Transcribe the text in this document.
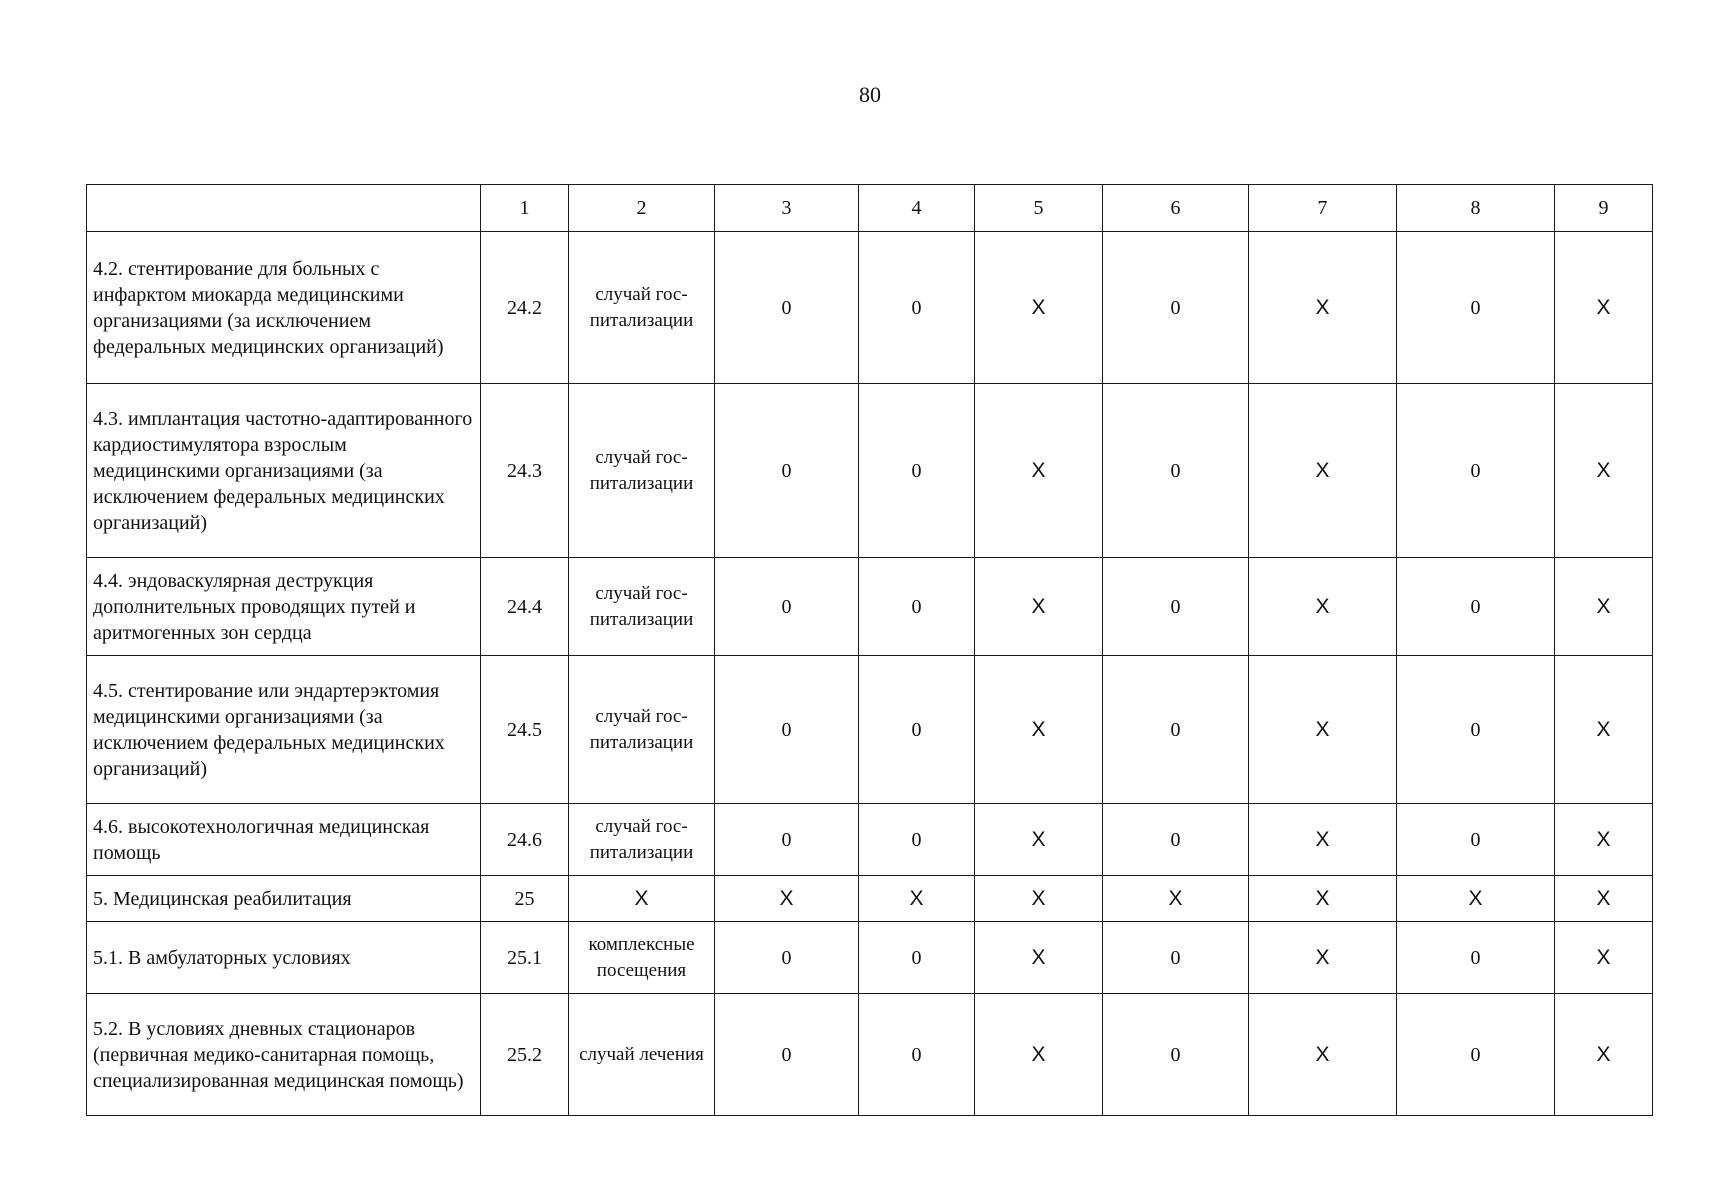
80
	1	2	3	4	5	6	7	8	9
4.2. стентирование для больных с инфарктом миокарда медицинскими организациями (за исключением федеральных медицинских организаций)	24.2	случай гос-питализации	0	0	X	0	X	0	X
4.3. имплантация частотно-адаптированного кардиостимулятора взрослым медицинскими организациями (за исключением федеральных медицинских организаций)	24.3	случай гос-питализации	0	0	X	0	X	0	X
4.4. эндоваскулярная деструкция дополнительных проводящих путей и аритмогенных зон сердца	24.4	случай гос-питализации	0	0	X	0	X	0	X
4.5. стентирование или эндартерэктомия медицинскими организациями (за исключением федеральных медицинских организаций)	24.5	случай гос-питализации	0	0	X	0	X	0	X
4.6. высокотехнологичная медицинская помощь	24.6	случай гос-питализации	0	0	X	0	X	0	X
5. Медицинская реабилитация	25	X	X	X	X	X	X	X	X
5.1. В амбулаторных условиях	25.1	комплексные посещения	0	0	X	0	X	0	X
5.2. В условиях дневных стационаров (первичная медико-санитарная помощь, специализированная медицинская помощь)	25.2	случай лечения	0	0	X	0	X	0	X
